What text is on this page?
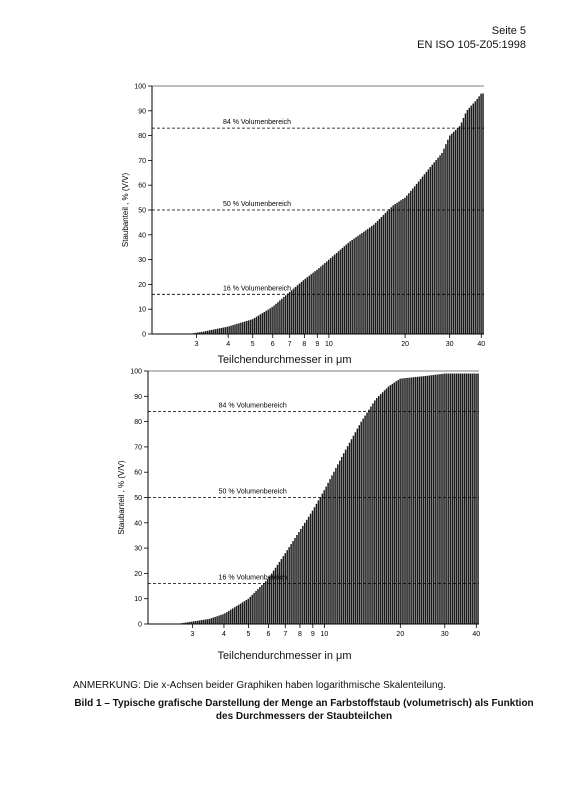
Seite 5
EN ISO 105-Z05:1998
16 % Volumenbereich
50 % Volumenbereich
84 % Volumenbereich
0
10
20
30
40
50
60
70
80
90
100
3	4	5 6 7 8 9 10	20	30	40
Staubanteil , % (V/V)
Teilchendurchmesser in μm
16 % Volumenbereich
50 % Volumenbereich
84 % Volumenbereich
0
10
20
30
40
50
60
70
80
90
100
3	4	5 6 7 8 9 10	20	30	40
Staubanteil , % (V/V)
Teilchendurchmesser in μm
ANMERKUNG: Die x-Achsen beider Graphiken haben logarithmische Skalenteilung.
Bild 1 – Typische grafische Darstellung der Menge an Farbstoffstaub (volumetrisch) als Funktion des Durchmessers der Staubteilchen
